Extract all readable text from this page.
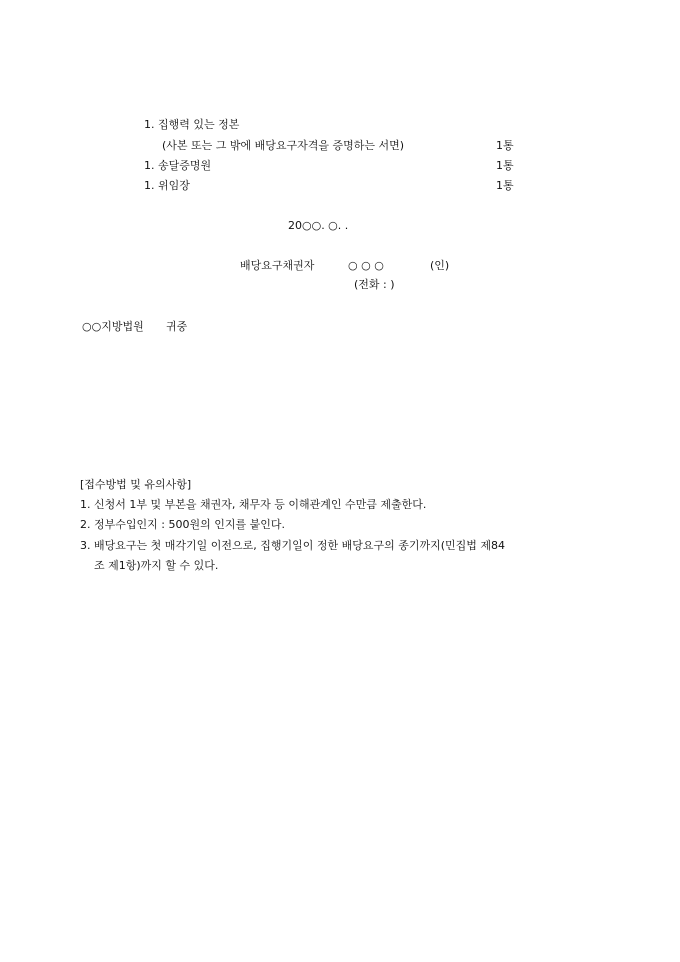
1. 집행력 있는 정본
(사본 또는 그 밖에 배당요구자격을 증명하는 서면)	1통
1. 송달증명원	1통
1. 위임장	1통
20○○. ○. .
배당요구채권자	○ ○ ○	(인)
(전화 : )
○○지방법원 귀중
[접수방법 및 유의사항]
1. 신청서 1부 및 부본을 채권자, 채무자 등 이해관계인 수만큼 제출한다.
2. 정부수입인지 : 500원의 인지를 붙인다.
3. 배당요구는 첫 매각기일 이전으로, 집행기일이 정한 배당요구의 종기까지(민집법 제84
조 제1항)까지 할 수 있다.
